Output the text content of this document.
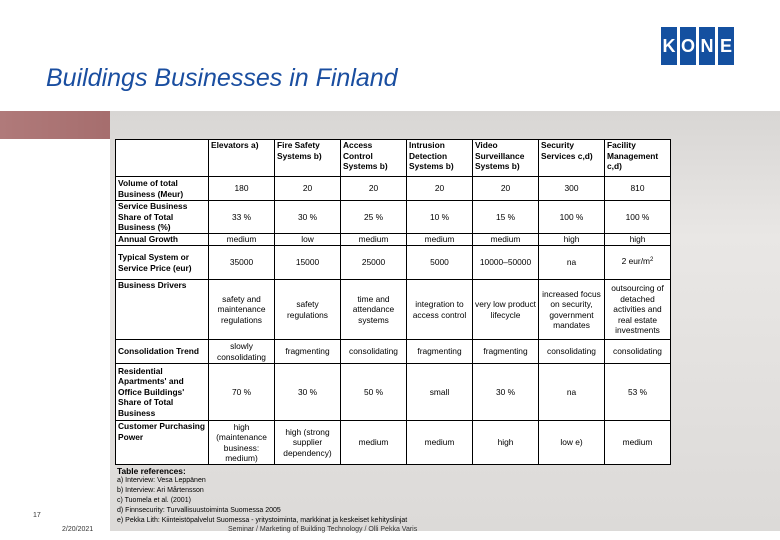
K O N E
Buildings Businesses in Finland
	Elevators a)	Fire Safety Systems b)	Access Control Systems b)	Intrusion Detection Systems b)	Video Surveillance Systems b)	Security Services c,d)	Facility Management c,d)
Volume of total Business (Meur)	180	20	20	20	20	300	810
Service Business Share of Total Business (%)	33 %	30 %	25 %	10 %	15 %	100 %	100 %
Annual Growth	medium	low	medium	medium	medium	high	high
Typical System or Service Price (eur)	35000	15000	25000	5000	10000–50000	na	2 eur/m2
Business Drivers	safety and maintenance regulations	safety regulations	time and attendance systems	integration to access control	very low product lifecycle	increased focus on security, government mandates	outsourcing of detached activities and real estate investments
Consolidation Trend	slowly consolidating	fragmenting	consolidating	fragmenting	fragmenting	consolidating	consolidating
Residential Apartments' and Office Buildings' Share of Total Business	70 %	30 %	50 %	small	30 %	na	53 %
Customer Purchasing Power	high (maintenance business: medium)	high (strong supplier dependency)	medium	medium	high	low e)	medium
Table references:
a) Interview: Vesa Leppänen
b) Interview: Ari Mårtensson
c) Tuomela et al. (2001)
d) Finnsecurity: Turvallisuustoiminta Suomessa 2005
e) Pekka Lith: Kiinteistöpalvelut Suomessa - yritystoiminta, markkinat ja keskeiset kehityslinjat
17
2/20/2021	Seminar / Marketing of Building Technology / Olli Pekka Varis
